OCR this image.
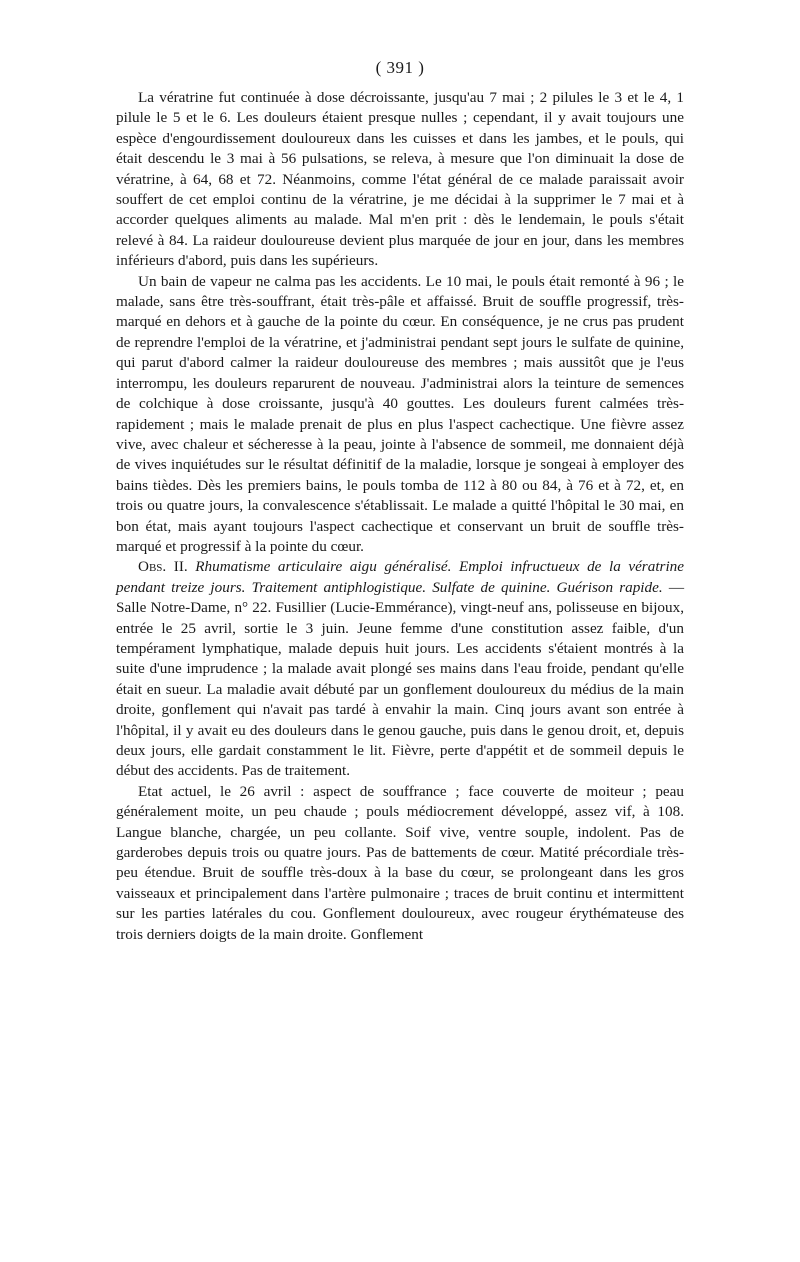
( 391 )

La vératrine fut continuée à dose décroissante, jusqu'au 7 mai ; 2 pilules le 3 et le 4, 1 pilule le 5 et le 6. Les douleurs étaient presque nulles ; cependant, il y avait toujours une espèce d'engourdissement douloureux dans les cuisses et dans les jambes, et le pouls, qui était descendu le 3 mai à 56 pulsations, se releva, à mesure que l'on diminuait la dose de vératrine, à 64, 68 et 72. Néanmoins, comme l'état général de ce malade paraissait avoir souffert de cet emploi continu de la vératrine, je me décidai à la supprimer le 7 mai et à accorder quelques aliments au malade. Mal m'en prit : dès le lendemain, le pouls s'était relevé à 84. La raideur douloureuse devient plus marquée de jour en jour, dans les membres inférieurs d'abord, puis dans les supérieurs.

Un bain de vapeur ne calma pas les accidents. Le 10 mai, le pouls était remonté à 96 ; le malade, sans être très-souffrant, était très-pâle et affaissé. Bruit de souffle progressif, très-marqué en dehors et à gauche de la pointe du cœur. En conséquence, je ne crus pas prudent de reprendre l'emploi de la vératrine, et j'administrai pendant sept jours le sulfate de quinine, qui parut d'abord calmer la raideur douloureuse des membres ; mais aussitôt que je l'eus interrompu, les douleurs reparurent de nouveau. J'administrai alors la teinture de semences de colchique à dose croissante, jusqu'à 40 gouttes. Les douleurs furent calmées très-rapidement ; mais le malade prenait de plus en plus l'aspect cachectique. Une fièvre assez vive, avec chaleur et sécheresse à la peau, jointe à l'absence de sommeil, me donnaient déjà de vives inquiétudes sur le résultat définitif de la maladie, lorsque je songeai à employer des bains tièdes. Dès les premiers bains, le pouls tomba de 112 à 80 ou 84, à 76 et à 72, et, en trois ou quatre jours, la convalescence s'établissait. Le malade a quitté l'hôpital le 30 mai, en bon état, mais ayant toujours l'aspect cachectique et conservant un bruit de souffle très-marqué et progressif à la pointe du cœur.

Obs. II. Rhumatisme articulaire aigu généralisé. Emploi infructueux de la vératrine pendant treize jours. Traitement antiphlogistique. Sulfate de quinine. Guérison rapide. — Salle Notre-Dame, n° 22. Fusillier (Lucie-Emmérance), vingt-neuf ans, polisseuse en bijoux, entrée le 25 avril, sortie le 3 juin. Jeune femme d'une constitution assez faible, d'un tempérament lymphatique, malade depuis huit jours. Les accidents s'étaient montrés à la suite d'une imprudence ; la malade avait plongé ses mains dans l'eau froide, pendant qu'elle était en sueur. La maladie avait débuté par un gonflement douloureux du médius de la main droite, gonflement qui n'avait pas tardé à envahir la main. Cinq jours avant son entrée à l'hôpital, il y avait eu des douleurs dans le genou gauche, puis dans le genou droit, et, depuis deux jours, elle gardait constamment le lit. Fièvre, perte d'appétit et de sommeil depuis le début des accidents. Pas de traitement.

Etat actuel, le 26 avril : aspect de souffrance ; face couverte de moiteur ; peau généralement moite, un peu chaude ; pouls médiocrement développé, assez vif, à 108. Langue blanche, chargée, un peu collante. Soif vive, ventre souple, indolent. Pas de garderobes depuis trois ou quatre jours. Pas de battements de cœur. Matité précordiale très-peu étendue. Bruit de souffle très-doux à la base du cœur, se prolongeant dans les gros vaisseaux et principalement dans l'artère pulmonaire ; traces de bruit continu et intermittent sur les parties latérales du cou. Gonflement douloureux, avec rougeur érythémateuse des trois derniers doigts de la main droite. Gonflement
